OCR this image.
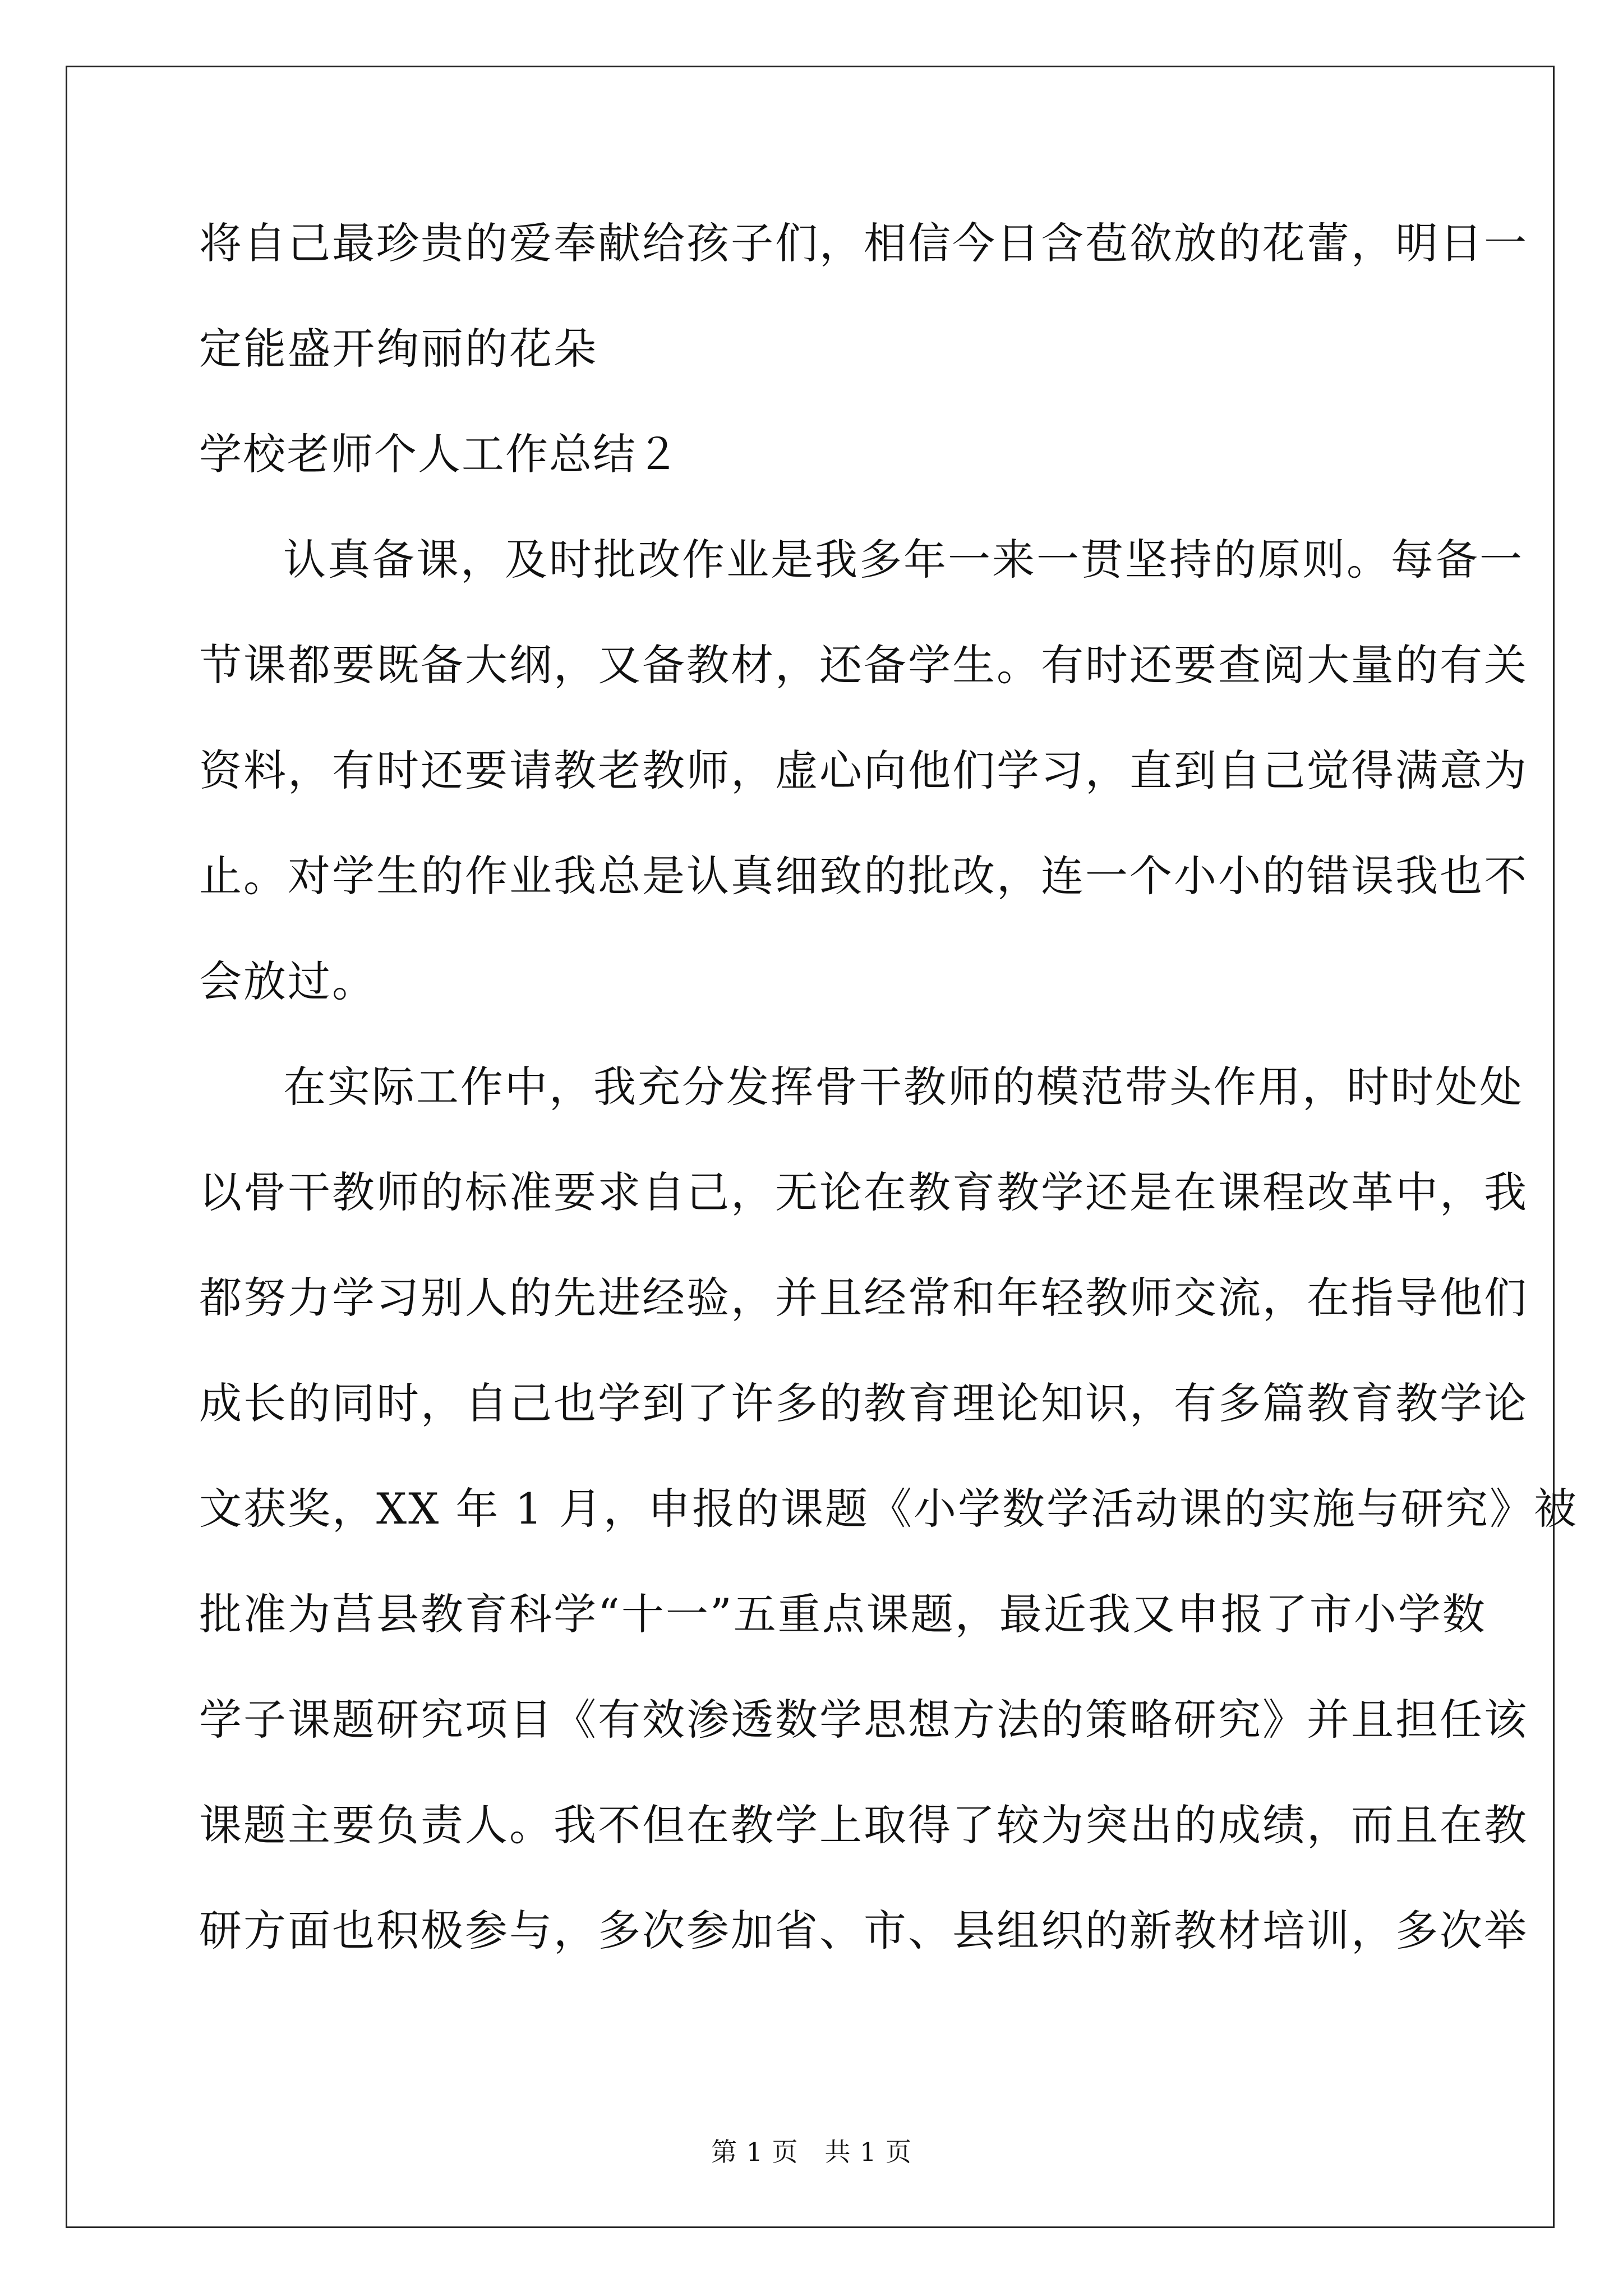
将自己最珍贵的爱奉献给孩子们，相信今日含苞欲放的花蕾，明日一
定能盛开绚丽的花朵
学校老师个人工作总结２
认真备课，及时批改作业是我多年一来一贯坚持的原则。每备一
节课都要既备大纲，又备教材，还备学生。有时还要查阅大量的有关
资料，有时还要请教老教师，虚心向他们学习，直到自己觉得满意为
止。对学生的作业我总是认真细致的批改，连一个小小的错误我也不
会放过。
在实际工作中，我充分发挥骨干教师的模范带头作用，时时处处
以骨干教师的标准要求自己，无论在教育教学还是在课程改革中，我
都努力学习别人的先进经验，并且经常和年轻教师交流，在指导他们
成长的同时，自己也学到了许多的教育理论知识，有多篇教育教学论
文获奖，XX 年 1 月，申报的课题《小学数学活动课的实施与研究》被
批准为莒县教育科学“十一”五重点课题，最近我又申报了市小学数
学子课题研究项目《有效渗透数学思想方法的策略研究》并且担任该
课题主要负责人。我不但在教学上取得了较为突出的成绩，而且在教
研方面也积极参与，多次参加省、市、县组织的新教材培训，多次举
第 1 页　共 1 页
